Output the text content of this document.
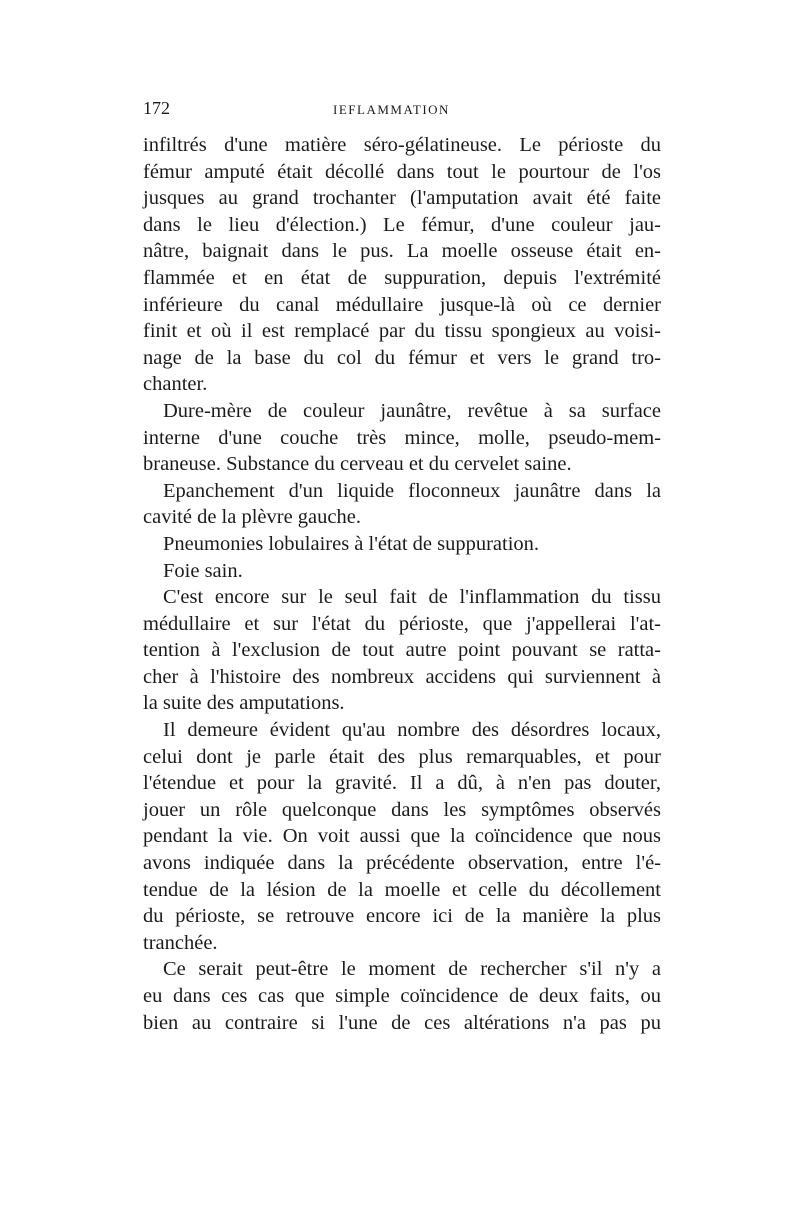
172	IEFLAMMATION
infiltrés d'une matière séro-gélatineuse. Le périoste du
fémur amputé était décollé dans tout le pourtour de l'os
jusques au grand trochanter (l'amputation avait été faite
dans le lieu d'élection.) Le fémur, d'une couleur jau-
nâtre, baignait dans le pus. La moelle osseuse était en-
flammée et en état de suppuration, depuis l'extrémité
inférieure du canal médullaire jusque-là où ce dernier
finit et où il est remplacé par du tissu spongieux au voisi-
nage de la base du col du fémur et vers le grand tro-
chanter.
Dure-mère de couleur jaunâtre, revêtue à sa surface
interne d'une couche très mince, molle, pseudo-mem-
braneuse. Substance du cerveau et du cervelet saine.
Epanchement d'un liquide floconneux jaunâtre dans la
cavité de la plèvre gauche.
Pneumonies lobulaires à l'état de suppuration.
Foie sain.
C'est encore sur le seul fait de l'inflammation du tissu
médullaire et sur l'état du périoste, que j'appellerai l'at-
tention à l'exclusion de tout autre point pouvant se ratta-
cher à l'histoire des nombreux accidens qui surviennent à
la suite des amputations.
Il demeure évident qu'au nombre des désordres locaux,
celui dont je parle était des plus remarquables, et pour
l'étendue et pour la gravité. Il a dû, à n'en pas douter,
jouer un rôle quelconque dans les symptômes observés
pendant la vie. On voit aussi que la coïncidence que nous
avons indiquée dans la précédente observation, entre l'é-
tendue de la lésion de la moelle et celle du décollement
du périoste, se retrouve encore ici de la manière la plus
tranchée.
Ce serait peut-être le moment de rechercher s'il n'y a
eu dans ces cas que simple coïncidence de deux faits, ou
bien au contraire si l'une de ces altérations n'a pas pu
